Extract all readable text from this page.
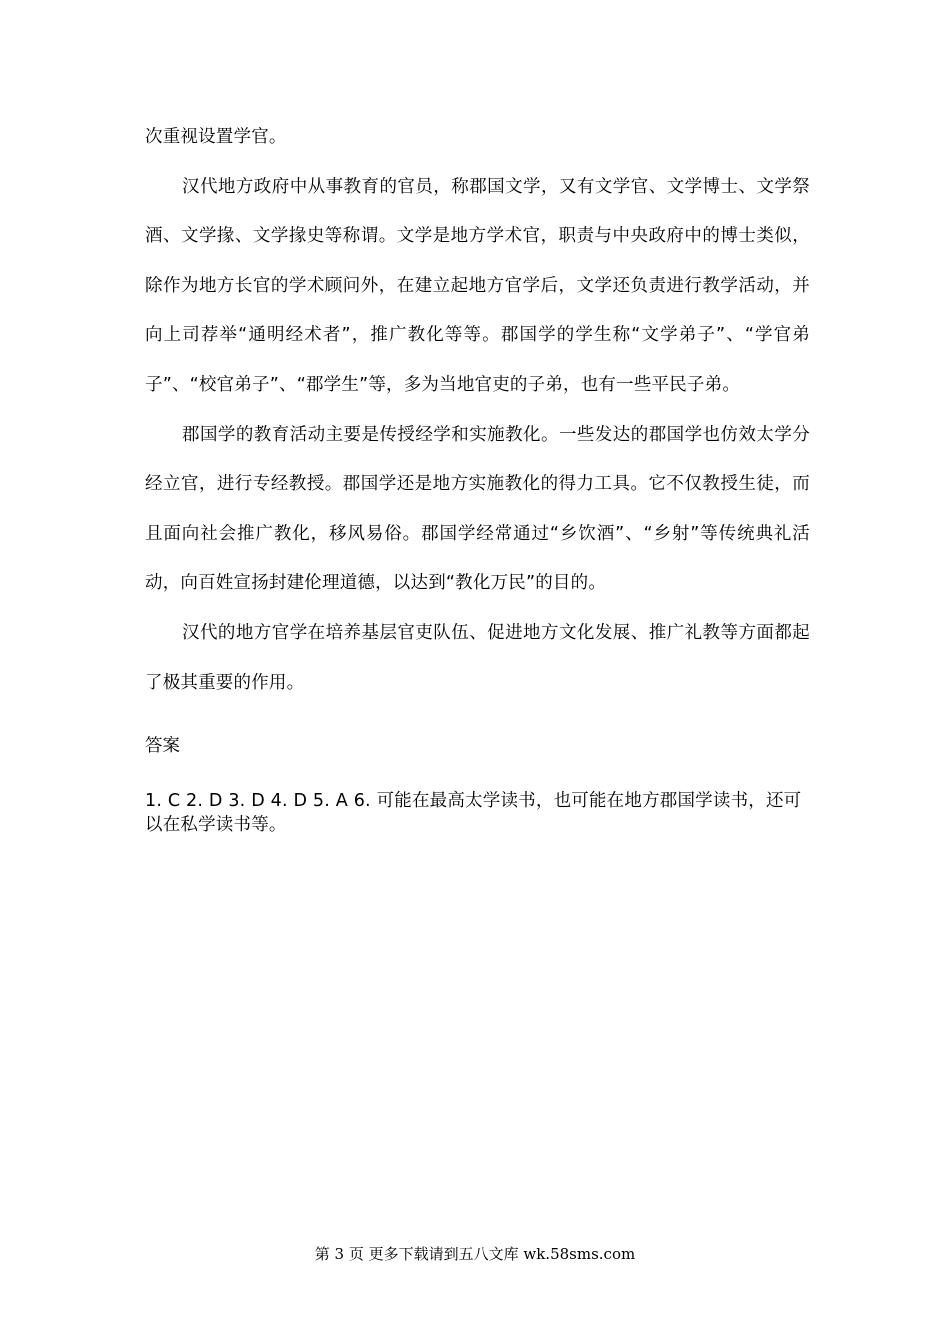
次重视设置学官。

汉代地方政府中从事教育的官员，称郡国文学，又有文学官、文学博士、文学祭酒、文学掾、文学掾史等称谓。文学是地方学术官，职责与中央政府中的博士类似，除作为地方长官的学术顾问外，在建立起地方官学后，文学还负责进行教学活动，并向上司荐举“通明经术者”，推广教化等等。郡国学的学生称“文学弟子”、“学官弟子”、“校官弟子”、“郡学生”等，多为当地官吏的子弟，也有一些平民子弟。

郡国学的教育活动主要是传授经学和实施教化。一些发达的郡国学也仿效太学分经立官，进行专经教授。郡国学还是地方实施教化的得力工具。它不仅教授生徒，而且面向社会推广教化，移风易俗。郡国学经常通过“乡饮酒”、“乡射”等传统典礼活动，向百姓宣扬封建伦理道德，以达到“教化万民”的目的。

汉代的地方官学在培养基层官吏队伍、促进地方文化发展、推广礼教等方面都起了极其重要的作用。

答案

1. C 2. D 3. D 4. D 5. A 6. 可能在最高太学读书，也可能在地方郡国学读书，还可以在私学读书等。

第 3 页 更多下载请到五八文库 wk.58sms.com
